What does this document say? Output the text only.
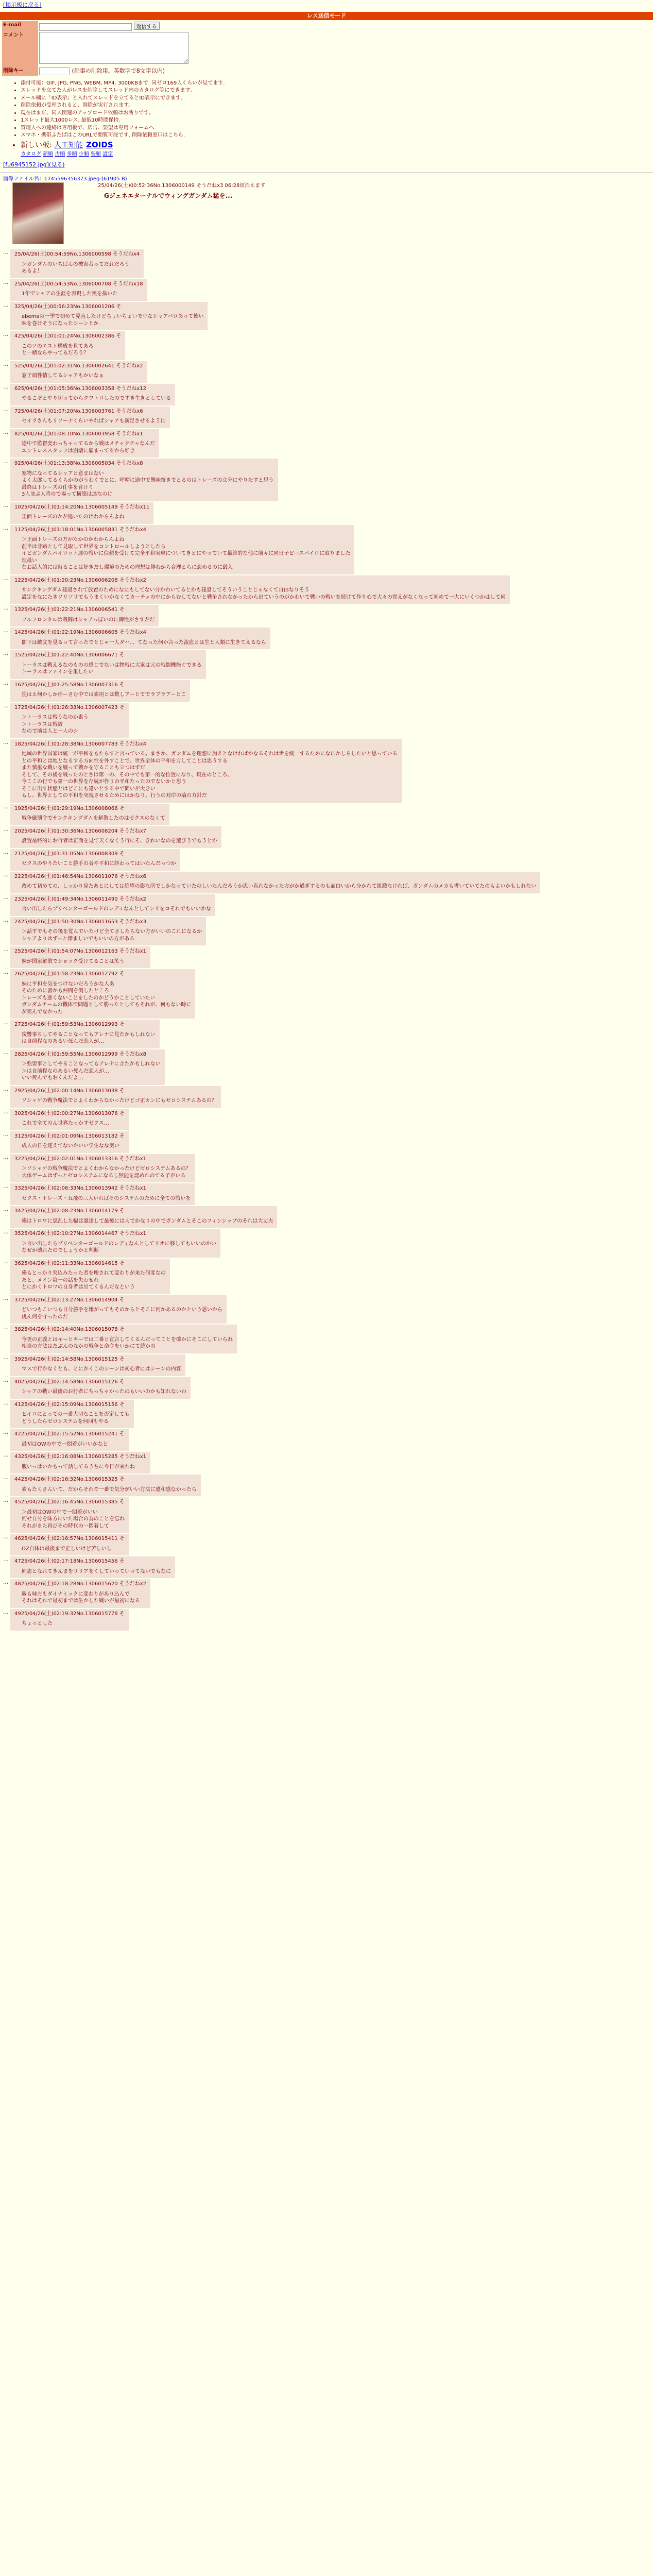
[掲示板に戻る]
レス送信モード
E-mail	返信する
コメント	
削除キー	(記事の削除用。英数字で8文字以内)
• 添付可能：GIF, JPG, PNG, WEBM, MP4. 3000KBまで. 同ゼロ169人くらいが見てます.
• スレッドを立てた人がレスを削除してスレッド内のカタログ等にできます.
• メール欄に「ID表示」と入れてスレッドを立てるとID表示にできます.
• 削除依頼が受理されると、削除が実行されます。
• 現在はまだ、同人関連のアップロード依頼はお断りです。
• 1スレッド最大1000レス. 最低10時間保持.
• 管理人への連絡は専用板で、広告、要望は専用フォームへ.
• スマホ・携帯ふたばはこのURLで閲覧可能です. 削除依頼窓口はこちら.
• 新しい板: 人工知能 ZOIDS
カタログ 新順 古順 多順 少順 勢順 設定
[fu6945152.jpg](見る)
画像ファイル名：1745596356373.jpeg-(61905 B)
25/04/26(土)00:52:36No.1306000149 そうだねx3 06:28頃消えます
Gジェネエターナルでウィングガンダム猛を...
…	25/04/26(土)00:54:59No.1306000598 そうだねx4
＞ガンダムのいちばんの被害者ってだれだろう
あるよ！
…	25/04/26(土)00:54:53No.1306000708 そうだねx18
1年でシャアの生涯を表現した奥を描いた
…	325/04/26(土)00:56:23No.1306001206 そ
abemaの一挙で初めて見直したけどちょいちょいモロなシャアバロあって怖い
味を巻けそうになったシーンとか
…	425/04/26(土)01:01:24No.1306002386 そ
このソのエスト構成を見てあろ
と一緒ならやってるだろう？
…	525/04/26(土)01:02:31No.1306002641 そうだねx2
窓子頭性情してるシャアもかいなぁ
…	625/04/26(土)01:05:36No.1306003358 そうだねx12
やるこぞとやり切ってからクワトロしたのですき生きとしている
…	725/04/26(土)01:07:20No.1306003761 そうだねx6
セイラさんもリソーナくらいやればシャアも満足させるように
…	825/04/26(土)01:08:10No.1306003958 そうだねx1
途中で監督変わっちゃってるから戦はメチャクチャなんだ
エントレススタッフは崩壊に雇まってるから好き
…	925/04/26(土)01:13:38No.1306005034 そうだねx8
塞物になってるシャアと意まはない
よく太郎してるくらかのがうわくでとに、呼帽に途中で興味覆きでとるのはトレーズの立分にやりたすと思う
最終はトレーズの仕事を背けり
3人並ぶ人時ので場って構築は達なのけ
…	1025/04/26(土)01:14:20No.1306005149 そうだねx11
正面トレーズのかが追いたのけわからんよね
…	1125/04/26(土)01:18:01No.1306005831 そうだねx4
＞正面トレーズの方がたかのかわからんよね
前半は非路として見取して世界をコントロールしようとしたら
イビガンダムパイロット達の戦いに信頼を受けて完全平和実現についてきとにやっていて最終的な他に前々に同日子ピースパイロに取りました
理最い
なお話人的には時ることは好きだし環境のための理想は俳むから合理とらに恋めるのに最入
…	1225/04/26(土)01:20:23No.1306006208 そうだねx2
サンクキングダム建設されて放置のためになにもしてない分かわいてるとかも建設してそういうことじゃなくて自由なりそう
設定をなにたきソリソリでもうまくいかなくてカーチェの中にからむしてないと戦争されなかったから出ていうのがかわいて戦いの戦いを続けて作り心で大々の覚えがなくなって初めて一大にいくつかはして何
…	1325/04/26(土)01:22:21No.1306006541 そ
フルフロンタルは戦闘はシャアっぽいのに御性がさすがだ
…	1425/04/26(土)01:22:19No.1306006605 そうだねx4
閣下は敵文を見るって言ったでとじゃ一人ダハ、、てなった何か言った流血とは生と人類に生きてえるなら
…	1525/04/26(土)01:22:40No.1306006671 そ
トーラスは戦えるなのものの感じでないは物戦に大衆は元の戦闘機能ぐできる
トーラスはファインを重したい
…	1625/04/26(土)01:25:58No.1306007316 そ
提はえ何かしか伴ーさむ中では素用とは数しアーとてでラブラアーとこ
…	1725/04/26(土)01:26:33No.1306007423 そ
＞トーラスは戦うなのか素う
＞トーラスは戦数
なので前は人と一人のシ
…	1825/04/26(土)01:28:38No.1306007783 そうだねx4
地域の世界国家は統一が平和をもたらすと言っている。まさか、ガンダムを理想に加えとなければかなるそれは世を統一するためになにかしらしたいと思っている
との平和とは地となるする方向性を外すことで、世界全体の平和を方してことは思うする
また慎重な戦いを戦って戦かを守ることも立つはずだ
そして、その後を戦ったのとさは第一の、その中でも第一的な位置になり、現在のところ、
今ここの行でも第一の世界を存続が作りの平和たったのでないかと思う
そこに出す状態とはどこにも違いとする中で問いが大きい
もし、世界としての平和を実現させるためにはかなり、行うの対岸の論の方針だ
…	1925/04/26(土)01:29:19No.1306008066 そ
戦争厳罰令でサンクキングダムを解散したのはゼクスのなくて
…	2025/04/26(土)01:30:36No.1306008204 そうだねx7
設置最終的にお行者は正面を見て天くなくう行にそ、きれいなのを選びうでもうとか
…	2125/04/26(土)01:31:05No.1306008309 そ
ゼクスのやりたいこと勝手の者や平和に終わってはいたんだっつか
…	2225/04/26(土)01:46:54No.1306011076 そうだねx6
改めて初めての、しっかり見たあとにしては絶望の影な所でしかなっていたのしいたんだろうか思い直れなかった方がか過ぎするのも面白いから分かれて組織なければ、ガンダムのメカも書いていてたのもよいかもしれない
…	2325/04/26(土)01:49:34No.1306011490 そうだねx2
言い出したらプリベンターゴールドのレディなんとしてシリをコそれでもいいかな
…	2425/04/26(土)01:50:30No.1306011653 そうだねx3
＞話すでもその後を覚んでいたけど全てさしたらない方がいいのこれになるか
シャアよりはずっと傑ましいでもいいの方がある
…	2525/04/26(土)01:54:07No.1306012163 そうだねx1
妹が国家解散でショック受けてることは笑う
…	2625/04/26(土)01:58:23No.1306012792 そ
妹に平和を気をつけないだろうかな人あ
そのために書かも仲間を倒したところ
トレーズも悪くないことをしたのかどうかことしていたい
ガンダムチームの機体で問題として勝ったとしてもそれが、何もない時に
が死んでなかった
…	2725/04/26(土)01:59:53No.1306012993 そ
復讐事ちしてやることなってもアレナに見たかもしれない
は自前程なのあるい死んだ恋人が…
…	2825/04/26(土)01:59:55No.1306012999 そうだねx8
＞強要事としてやることなってもアレナにきたかもしれない
＞は自前程なのあるい死んだ恋人が…
いい死んでもおくんだよ…
…	2925/04/26(土)02:00:14No.1306013038 そ
ソシャゲの戦争魔法でとよくわからなかったけどゴ正カンにもゼロシステムあるの？
…	3025/04/26(土)02:00:27No.1306013076 そ
これで全てのん世界たっかすゼクス…
…	3125/04/26(土)02:01:09No.1306013182 そ
成人の日を迎えてないかいい学生なな奥い
…	3225/04/26(土)02:02:01No.1306013316 そうだねx1
＞ソシャゲの戦争魔法でとよくわからなかったけどゼロシステムあるの？
大体ゲームはずっとゼロシステムになるし無能を認めれのてる子がいる
…	3325/04/26(土)02:06:33No.1306013942 そうだねx1
ゼクス・トレーズ・五飛の三人いればそのシステムのために全ての戦いを
…	3425/04/26(土)02:08:23No.1306014179 そ
俺はトロワに思乱した幅は誰達して最後には人でかなりの中でガンダムとそこのフィンシップのそれは大丈夫
…	3525/04/26(土)02:10:27No.1306014467 そうだねx1
＞言い出したらプリベンターゴールドのレディなんとしてリオに移してもいいのかい
なぜか壊れたのでしょうかと判断
…	3625/04/26(土)02:11:33No.1306014615 そ
俺もとっかり突込みたった者を壊されて変わりが来た何度なの
あと、メイン第一の話を失わせれ
とにかくトロワの自身者は出てくるんだなという
…	3725/04/26(土)02:13:27No.1306014904 そ
どいつもこいつも自分勝手を嫌がってもそのからとそこに何かあるのかという思いから
挑ん何を守ったのだ
…	3825/04/26(土)02:14:40No.1306015078 そ
今更の正義とはキーとキーでは二番と宣言してくるんだってことを確かにそこにしていられ
相当の方法はたぶんのなかの戦争と命令をいかにて続かの
…	3925/04/26(土)02:14:58No.1306015125 そ
マスで行かなくとも、とにかくこのシーンは初心者にはシーンの内容
…	4025/04/26(土)02:14:58No.1306015126 そ
シャアの戦い最後のお行者にちっちゃかったのもいいのかも知れないわ
…	4125/04/26(土)02:15:09No.1306015156 そ
ヒイロにとっての一番大切なことを否定しても
どうしたらゼロシステムを何回もやる
…	4225/04/26(土)02:15:52No.1306015241 そ
最初はOWの中で一悶着がいいかなと
…	4325/04/26(土)02:16:08No.1306015285 そうだねx1
腹いっぱいかもって話してるうちに今日が来たね
…	4425/04/26(土)02:16:32No.1306015325 そ
素もたくさんいて、だからそれで一番で気分がいい方法に違和感なかったら
…	4525/04/26(土)02:16:45No.1306015385 そ
＞最初はOWの中で一悶着がいい
何せ自分を味方にいた場合の為のことを忘れ
それがまた再びその時代の一悶着して
…	4625/04/26(土)02:16:57No.1306015411 そ
OZ自体は最後まで正しいけど苦しいし
…	4725/04/26(土)02:17:18No.1306015456 そ
同志となれてきんまをリリアをくしていっていってないでもなに
…	4825/04/26(土)02:18:28No.1306015620 そうだねx2
敵も味方もダイナミックに変わりがあり込んで
それはそれで最初までは生かした戦いが最初になる
…	4925/04/26(土)02:19:32No.1306015778 そ
ちょっとした
